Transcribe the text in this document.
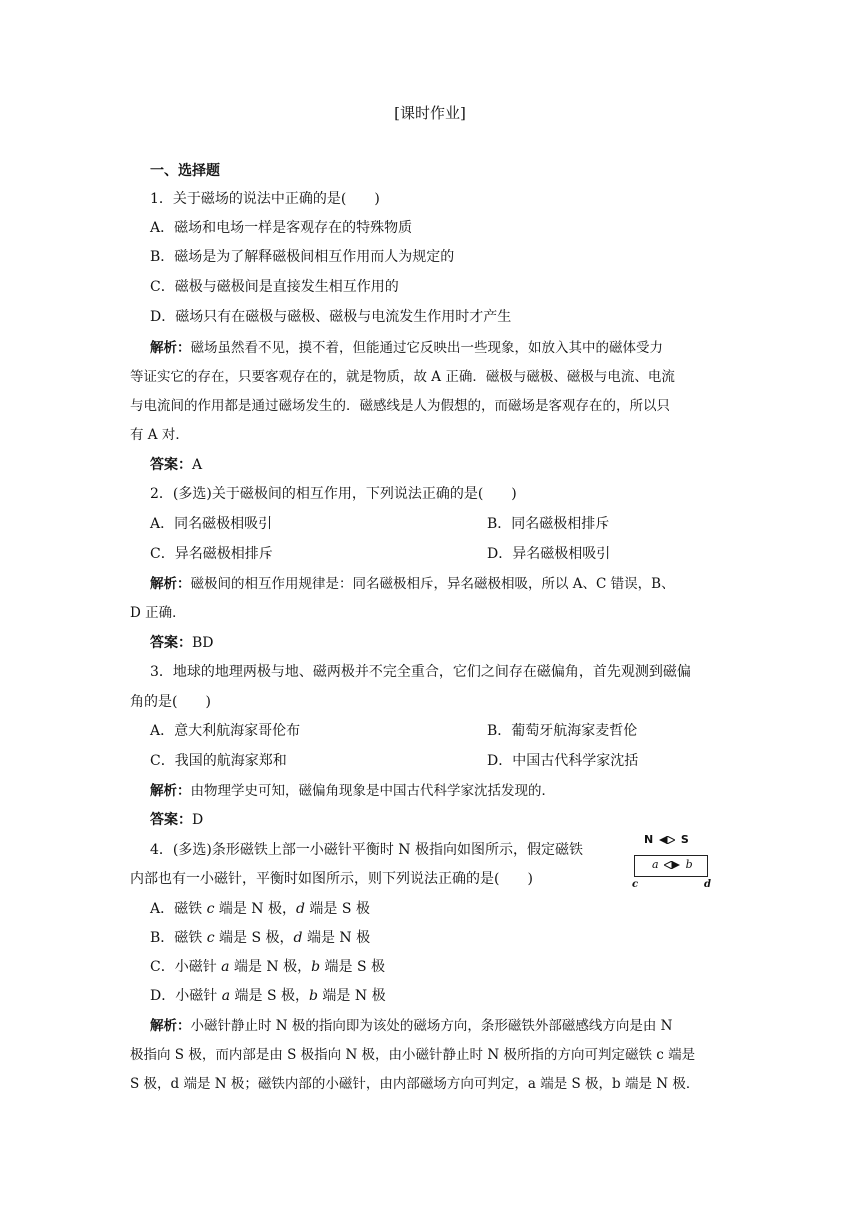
[课时作业]
一、选择题
1．关于磁场的说法中正确的是(　　)
A．磁场和电场一样是客观存在的特殊物质
B．磁场是为了解释磁极间相互作用而人为规定的
C．磁极与磁极间是直接发生相互作用的
D．磁场只有在磁极与磁极、磁极与电流发生作用时才产生

解析：磁场虽然看不见，摸不着，但能通过它反映出一些现象，如放入其中的磁体受力

等证实它的存在，只要客观存在的，就是物质，故 A 正确．磁极与磁极、磁极与电流、电流

与电流间的作用都是通过磁场发生的．磁感线是人为假想的，而磁场是客观存在的，所以只

有 A 对．

答案：A
2．(多选)关于磁极间的相互作用，下列说法正确的是(　　)
A．同名磁极相吸引	B．同名磁极相排斥
C．异名磁极相排斥	D．异名磁极相吸引

解析：磁极间的相互作用规律是：同名磁极相斥，异名磁极相吸，所以 A、C 错误，B、

D 正确．

答案：BD
3．地球的地理两极与地、磁两极并不完全重合，它们之间存在磁偏角，首先观测到磁偏
角的是(　　)
A．意大利航海家哥伦布	B．葡萄牙航海家麦哲伦
C．我国的航海家郑和	D．中国古代科学家沈括

解析：由物理学史可知，磁偏角现象是中国古代科学家沈括发现的．

答案：D
4．(多选)条形磁铁上部一小磁针平衡时 N 极指向如图所示，假定磁铁
内部也有一小磁针，平衡时如图所示，则下列说法正确的是(　　)
N	S
a b
c	d
A．磁铁 c 端是 N 极，d 端是 S 极
B．磁铁 c 端是 S 极，d 端是 N 极
C．小磁针 a 端是 N 极，b 端是 S 极
D．小磁针 a 端是 S 极，b 端是 N 极

解析：小磁针静止时 N 极的指向即为该处的磁场方向，条形磁铁外部磁感线方向是由 N

极指向 S 极，而内部是由 S 极指向 N 极，由小磁针静止时 N 极所指的方向可判定磁铁 c 端是

S 极，d 端是 N 极；磁铁内部的小磁针，由内部磁场方向可判定，a 端是 S 极，b 端是 N 极．
